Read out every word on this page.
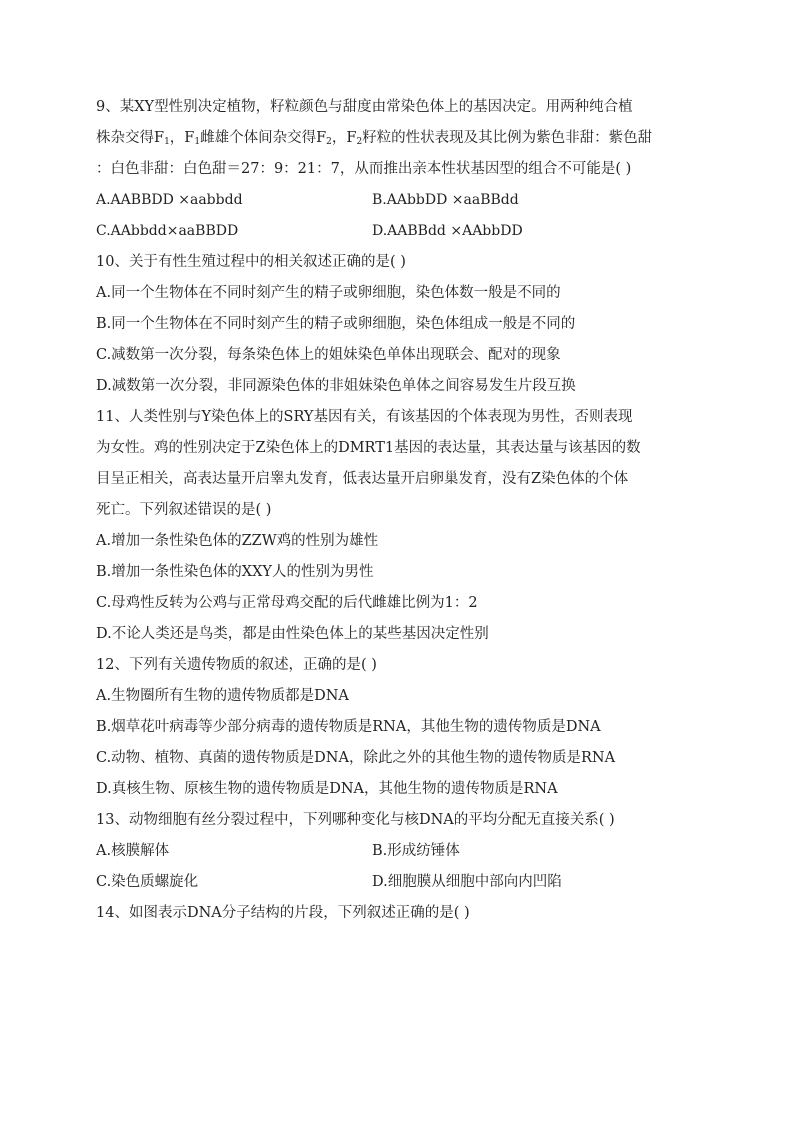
9、某XY型性别决定植物，籽粒颜色与甜度由常染色体上的基因决定。用两种纯合植

株杂交得$F_1$，$F_1$雌雄个体间杂交得$F_2$，$F_2$籽粒的性状表现及其比例为紫色非甜：紫色甜

：白色非甜：白色甜＝27：9：21：7，从而推出亲本性状基因型的组合不可能是( )

A.AABBDD ×aabbdd	B.AAbbDD ×aaBBdd
C.AAbbdd×aaBBDD	D.AABBdd ×AAbbDD

10、关于有性生殖过程中的相关叙述正确的是( )

A.同一个生物体在不同时刻产生的精子或卵细胞，染色体数一般是不同的

B.同一个生物体在不同时刻产生的精子或卵细胞，染色体组成一般是不同的

C.减数第一次分裂，每条染色体上的姐妹染色单体出现联会、配对的现象

D.减数第一次分裂，非同源染色体的非姐妹染色单体之间容易发生片段互换

11、人类性别与Y染色体上的SRY基因有关，有该基因的个体表现为男性，否则表现

为女性。鸡的性别决定于Z染色体上的DMRT1基因的表达量，其表达量与该基因的数

目呈正相关，高表达量开启睾丸发育，低表达量开启卵巢发育，没有Z染色体的个体

死亡。下列叙述错误的是( )

A.增加一条性染色体的ZZW鸡的性别为雄性

B.增加一条性染色体的XXY人的性别为男性

C.母鸡性反转为公鸡与正常母鸡交配的后代雌雄比例为1：2

D.不论人类还是鸟类，都是由性染色体上的某些基因决定性别

12、下列有关遗传物质的叙述，正确的是( )

A.生物圈所有生物的遗传物质都是DNA

B.烟草花叶病毒等少部分病毒的遗传物质是RNA，其他生物的遗传物质是DNA

C.动物、植物、真菌的遗传物质是DNA，除此之外的其他生物的遗传物质是RNA

D.真核生物、原核生物的遗传物质是DNA，其他生物的遗传物质是RNA

13、动物细胞有丝分裂过程中，下列哪种变化与核DNA的平均分配无直接关系( )

A.核膜解体	B.形成纺锤体
C.染色质螺旋化	D.细胞膜从细胞中部向内凹陷

14、如图表示DNA分子结构的片段，下列叙述正确的是( )
